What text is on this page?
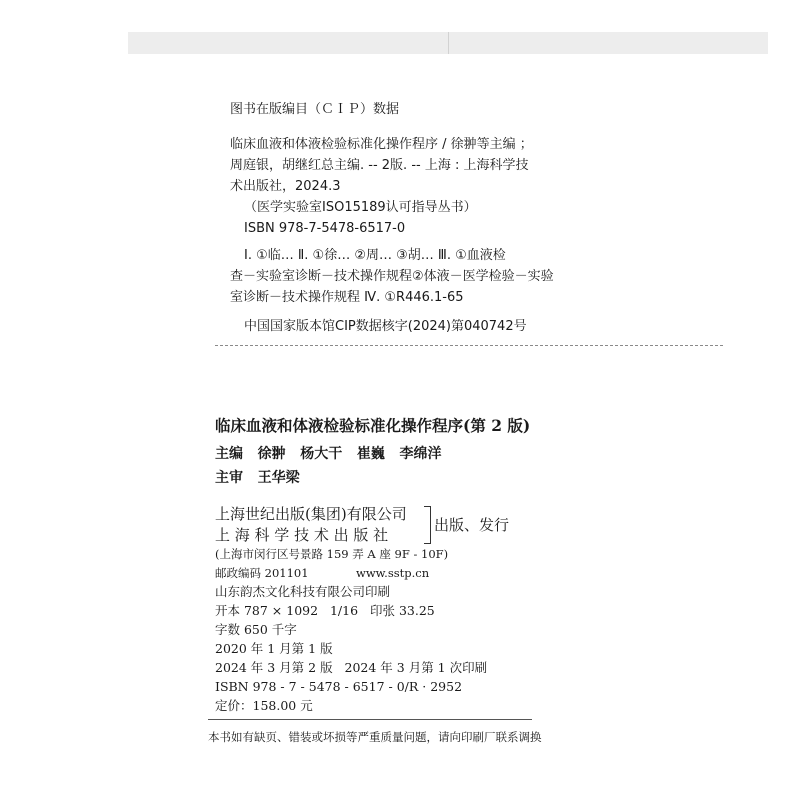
图书在版编目（ＣＩＰ）数据
临床血液和体液检验标准化操作程序 / 徐翀等主编 ；
周庭银，胡继红总主编. -- 2版. -- 上海 : 上海科学技
术出版社，2024.3
（医学实验室ISO15189认可指导丛书）
ISBN 978-7-5478-6517-0
Ⅰ. ①临… Ⅱ. ①徐… ②周… ③胡… Ⅲ. ①血液检
查－实验室诊断－技术操作规程②体液－医学检验－实验
室诊断－技术操作规程 Ⅳ. ①R446.1-65
中国国家版本馆CIP数据核字(2024)第040742号
临床血液和体液检验标准化操作程序(第 2 版)
主编   徐翀   杨大干   崔巍   李绵洋
主审   王华梁
上海世纪出版(集团)有限公司
上 海 科 学 技 术 出 版 社
出版、发行
(上海市闵行区号景路 159 弄 A 座 9F - 10F)
邮政编码 201101	www.sstp.cn
山东韵杰文化科技有限公司印刷
开本 787 × 1092   1/16   印张 33.25
字数 650 千字
2020 年 1 月第 1 版
2024 年 3 月第 2 版   2024 年 3 月第 1 次印刷
ISBN 978 - 7 - 5478 - 6517 - 0/R · 2952
定价：158.00 元
本书如有缺页、错装或坏损等严重质量问题，请向印刷厂联系调换
